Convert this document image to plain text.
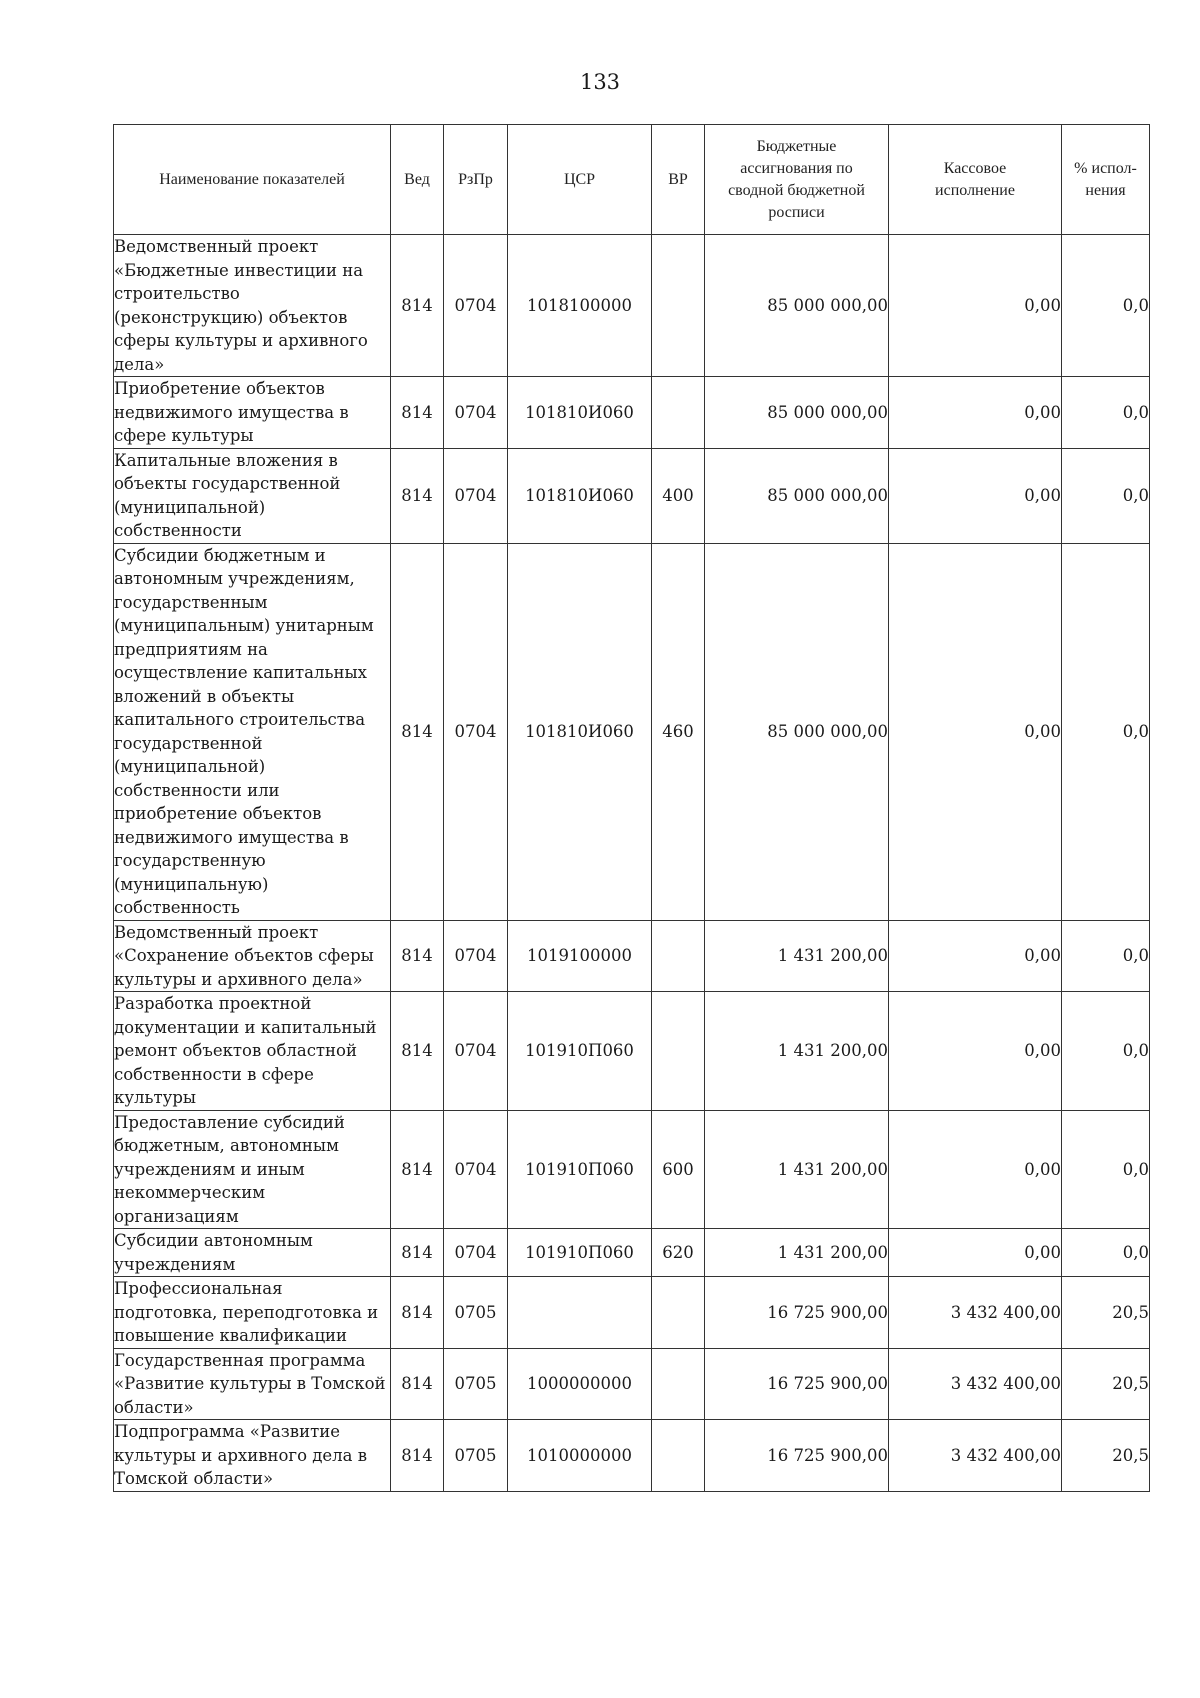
133
Наименование показателей	Вед	РзПр	ЦСР	ВР	Бюджетные ассигнования по сводной бюджетной росписи	Кассовое исполнение	% испол-нения
Ведомственный проект «Бюджетные инвестиции на строительство (реконструкцию) объектов сферы культуры и архивного дела»	814	0704	1018100000		85 000 000,00	0,00	0,0
Приобретение объектов недвижимого имущества в сфере культуры	814	0704	101810И060		85 000 000,00	0,00	0,0
Капитальные вложения в объекты государственной (муниципальной) собственности	814	0704	101810И060	400	85 000 000,00	0,00	0,0
Субсидии бюджетным и автономным учреждениям, государственным (муниципальным) унитарным предприятиям на осуществление капитальных вложений в объекты капитального строительства государственной (муниципальной) собственности или приобретение объектов недвижимого имущества в государственную (муниципальную) собственность	814	0704	101810И060	460	85 000 000,00	0,00	0,0
Ведомственный проект «Сохранение объектов сферы культуры и архивного дела»	814	0704	1019100000		1 431 200,00	0,00	0,0
Разработка проектной документации и капитальный ремонт объектов областной собственности в сфере культуры	814	0704	101910П060		1 431 200,00	0,00	0,0
Предоставление субсидий бюджетным, автономным учреждениям и иным некоммерческим организациям	814	0704	101910П060	600	1 431 200,00	0,00	0,0
Субсидии автономным учреждениям	814	0704	101910П060	620	1 431 200,00	0,00	0,0
Профессиональная подготовка, переподготовка и повышение квалификации	814	0705			16 725 900,00	3 432 400,00	20,5
Государственная программа «Развитие культуры в Томской области»	814	0705	1000000000		16 725 900,00	3 432 400,00	20,5
Подпрограмма «Развитие культуры и архивного дела в Томской области»	814	0705	1010000000		16 725 900,00	3 432 400,00	20,5
